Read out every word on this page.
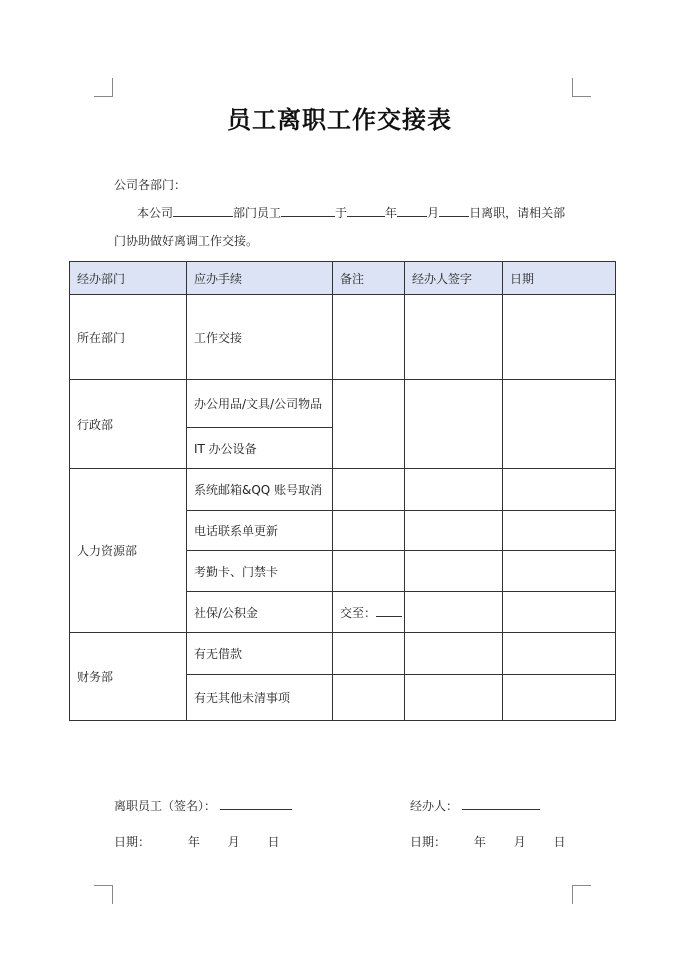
员工离职工作交接表
公司各部门：
本公司	部门员工	于	年	月	日离职，请相关部
门协助做好离调工作交接。
经办部门	应办手续	备注	经办人签字	日期
所在部门	工作交接			
行政部	办公用品/文具/公司物品			
	IT 办公设备			
人力资源部	系统邮箱&QQ 账号取消			
	电话联系单更新			
	考勤卡、门禁卡			
	社保/公积金	交至：		
财务部	有无借款			
	有无其他未清事项			
离职员工（签名）：	经办人：
日期：	年 月 日	日期： 年 月 日
